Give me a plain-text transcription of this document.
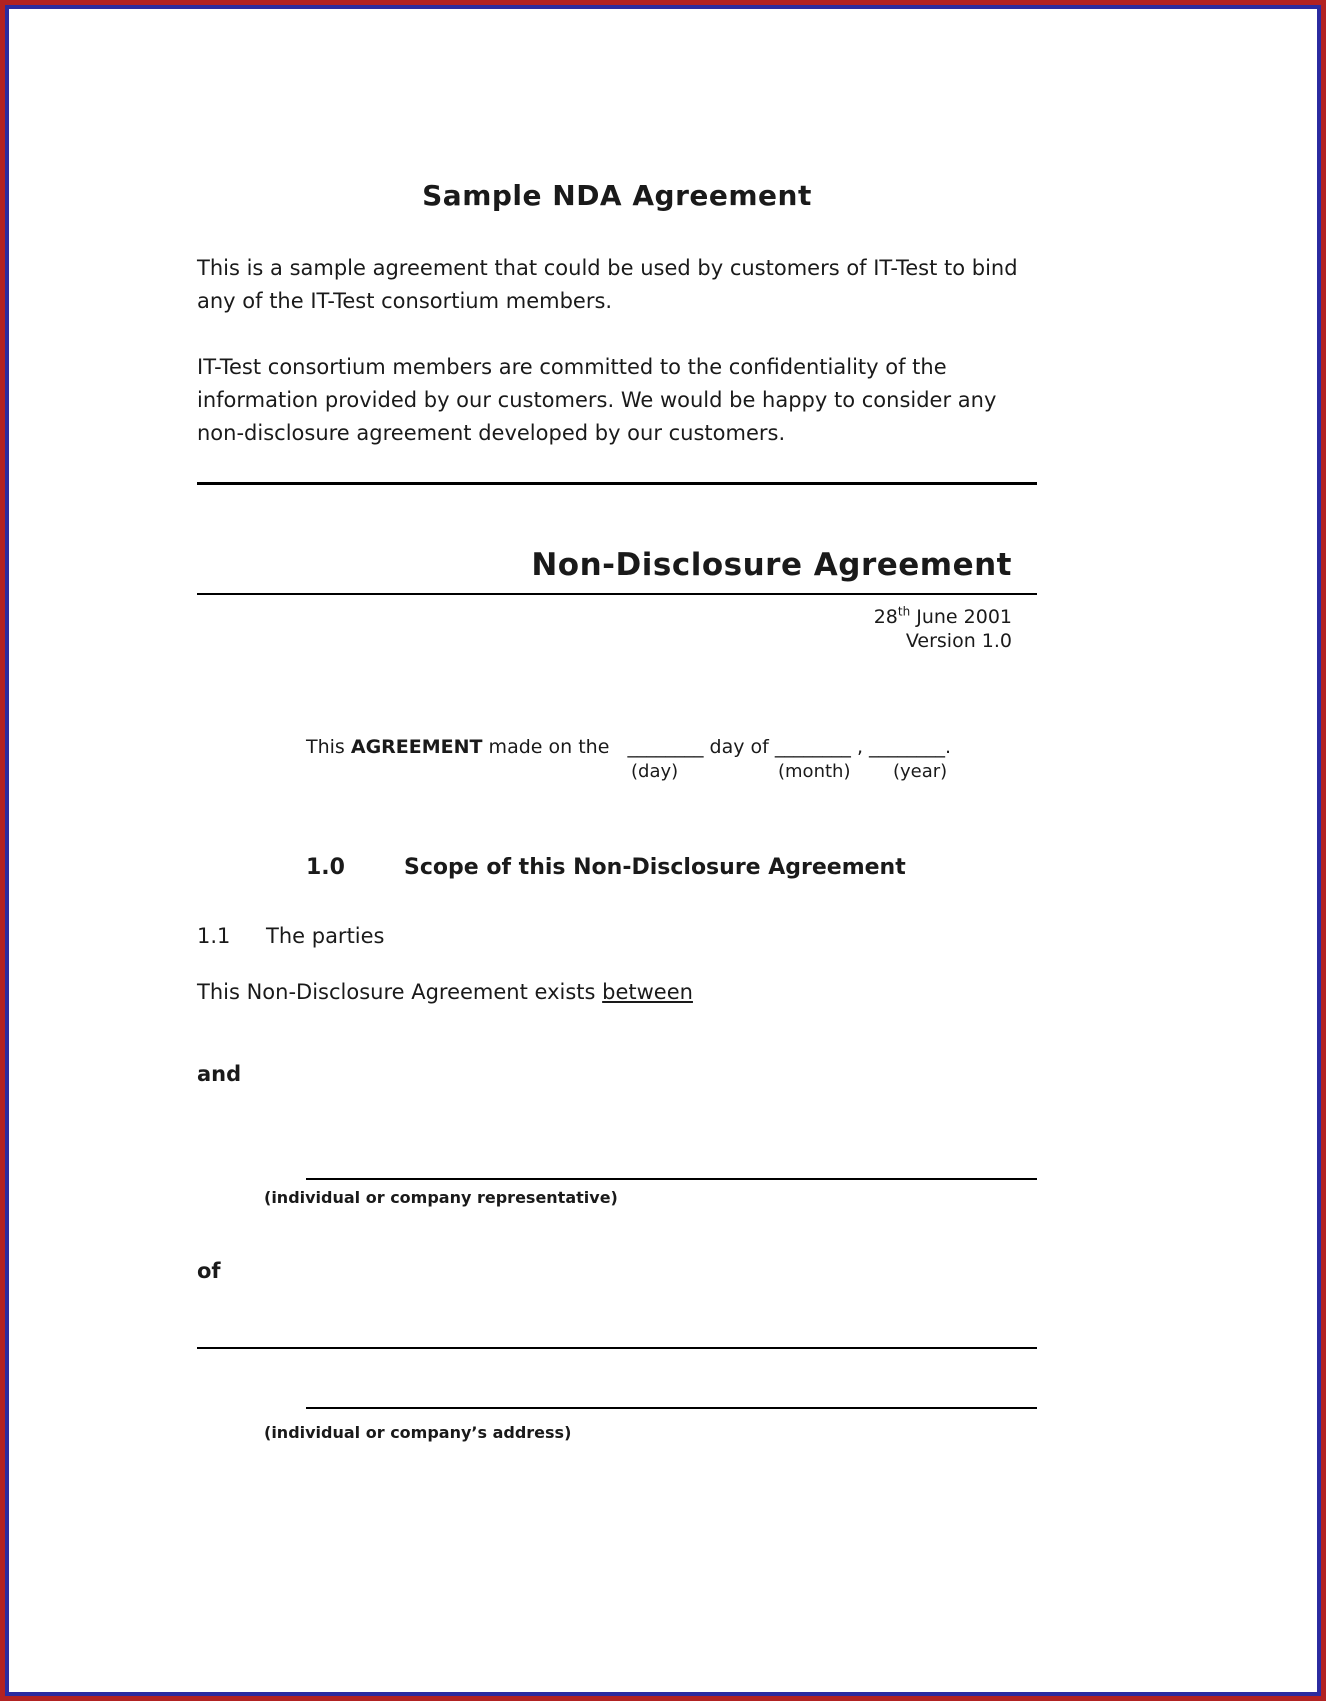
Sample NDA Agreement

This is a sample agreement that could be used by customers of IT-Test to bind any of the IT-Test consortium members.

IT-Test consortium members are committed to the confidentiality of the information provided by our customers. We would be happy to consider any non-disclosure agreement developed by our customers.

Non-Disclosure Agreement
28th June 2001
Version 1.0
This AGREEMENT made on the   ________ day of ________ , ________.
(day)	(month) (year)
1.0	Scope of this Non-Disclosure Agreement
1.1 The parties
This Non-Disclosure Agreement exists between
and
(individual or company representative)
of
(individual or company’s address)
